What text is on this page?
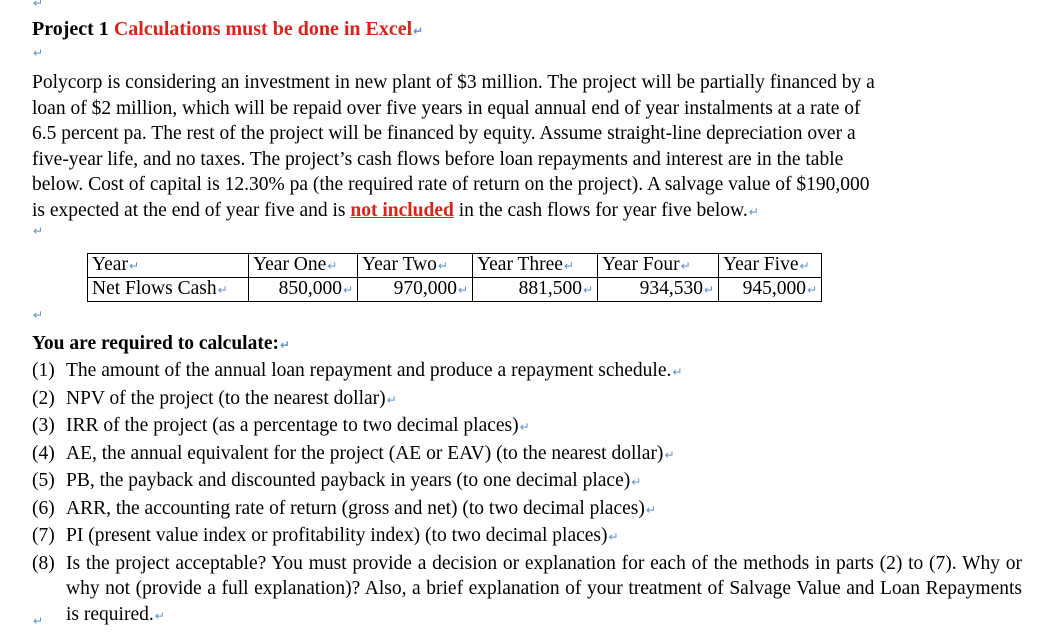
↵
Project 1 Calculations must be done in Excel↵
↵
Polycorp is considering an investment in new plant of $3 million. The project will be partially financed by a
loan of $2 million, which will be repaid over five years in equal annual end of year instalments at a rate of
6.5 percent pa. The rest of the project will be financed by equity. Assume straight-line depreciation over a
five-year life, and no taxes. The project’s cash flows before loan repayments and interest are in the table
below. Cost of capital is 12.30% pa (the required rate of return on the project). A salvage value of $190,000
is expected at the end of year five and is not included in the cash flows for year five below.↵
↵
Year↵	Year One↵	Year Two↵	Year Three↵	Year Four↵	Year Five↵
Net Flows Cash↵	850,000↵	970,000↵	881,500↵	934,530↵	945,000↵
↵
You are required to calculate:↵
(1) The amount of the annual loan repayment and produce a repayment schedule.↵
(2) NPV of the project (to the nearest dollar)↵
(3) IRR of the project (as a percentage to two decimal places)↵
(4) AE, the annual equivalent for the project (AE or EAV) (to the nearest dollar)↵
(5) PB, the payback and discounted payback in years (to one decimal place)↵
(6) ARR, the accounting rate of return (gross and net) (to two decimal places)↵
(7) PI (present value index or profitability index) (to two decimal places)↵
(8) Is the project acceptable? You must provide a decision or explanation for each of the methods in parts (2) to (7). Why or why not (provide a full explanation)? Also, a brief explanation of your treatment of Salvage Value and Loan Repayments is required.↵
↵
